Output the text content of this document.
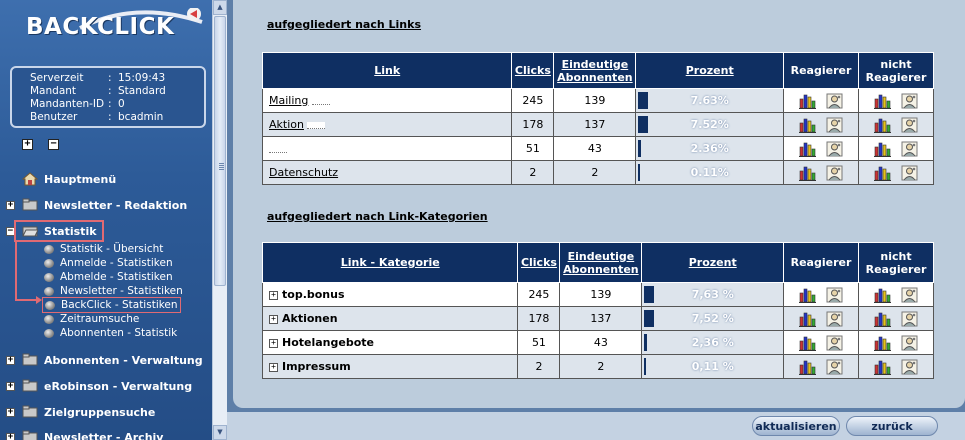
BACKCLICK
Serverzeit	: 15:09:43
Mandant	: Standard
Mandanten-ID : 0
Benutzer	: bcadmin
+ −
Hauptmenü
+	Newsletter - Redaktion
−	Statistik
Statistik - Übersicht
Anmelde - Statistiken
Abmelde - Statistiken
Newsletter - Statistiken
BackClick - Statistiken
Zeitraumsuche
Abonnenten - Statistik
+	Abonnenten - Verwaltung
+	eRobinson - Verwaltung
+	Zielgruppensuche
+	Newsletter - Archiv
▲
▼
aufgegliedert nach Links
Link	Clicks	Eindeutige
Abonnenten	Prozent	Reagierer	nicht
Reagierer
Mailing	245	139	7.63%

Aktion	178	137	7.52%

	51	43	2.36%

Datenschutz	2	2	0.11%

aufgegliedert nach Link-Kategorien
Link - Kategorie	Clicks	Eindeutige
Abonnenten	Prozent	Reagierer	nicht
Reagierer
+ top.bonus	245	139	7,63 %

+ Aktionen	178	137	7,52 %

+ Hotelangebote	51	43	2,36 %

+ Impressum	2	2	0,11 %

aktualisieren	zurück
